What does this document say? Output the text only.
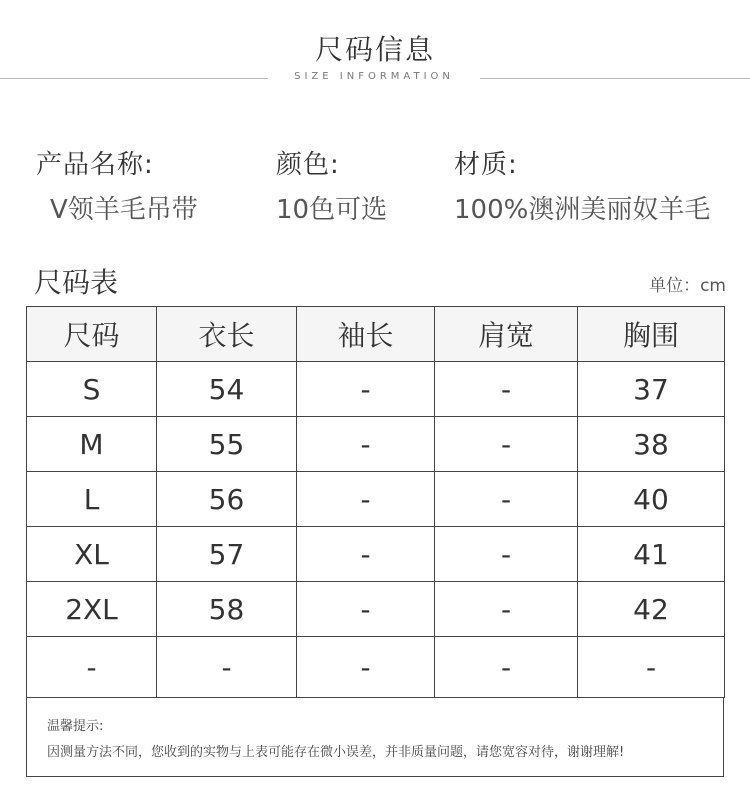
尺码信息
SIZE INFORMATION
产品名称:
V领羊毛吊带
颜色:
10色可选
材质:
100%澳洲美丽奴羊毛
尺码表	单位：cm
尺码	衣长	袖长	肩宽	胸围
S	54	-	-	37
M	55	-	-	38
L	56	-	-	40
XL	57	-	-	41
2XL	58	-	-	42
-	-	-	-	-
温馨提示:
因测量方法不同，您收到的实物与上表可能存在微小误差，并非质量问题，请您宽容对待，谢谢理解!
